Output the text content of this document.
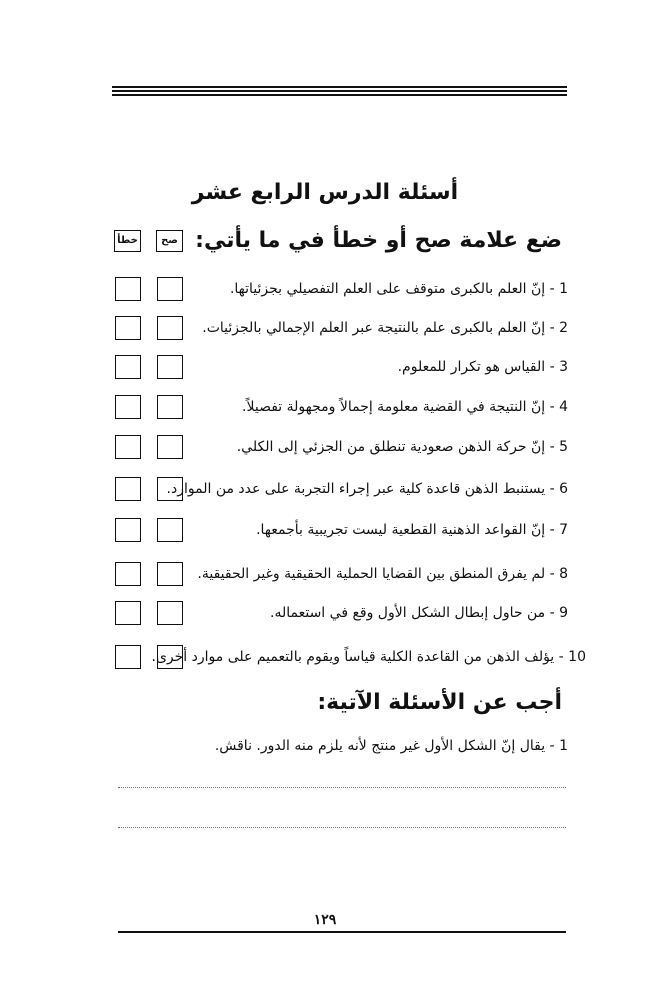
أسئلة الدرس الرابع عشر
خطأ	صح ضع علامة صح أو خطأ في ما يأتي:
1 - إنّ العلم بالكبرى متوقف على العلم التفصيلي بجزئياتها.
2 - إنّ العلم بالكبرى علم بالنتيجة عبر العلم الإجمالي بالجزئيات.
3 - القياس هو تكرار للمعلوم.
4 - إنّ النتيجة في القضية معلومة إجمالاً ومجهولة تفصيلاً.
5 - إنّ حركة الذهن صعودية تنطلق من الجزئي إلى الكلي.
6 - يستنبط الذهن قاعدة كلية عبر إجراء التجربة على عدد من الموارد.
7 - إنّ القواعد الذهنية القطعية ليست تجريبية بأجمعها.
8 - لم يفرق المنطق بين القضايا الحملية الحقيقية وغير الحقيقية.
9 - من حاول إبطال الشكل الأول وقع في استعماله.
10 - يؤلف الذهن من القاعدة الكلية قياساً ويقوم بالتعميم على موارد أخرى.
أجب عن الأسئلة الآتية:
1 - يقال إنّ الشكل الأول غير منتج لأنه يلزم منه الدور. ناقش.
١٢٩
